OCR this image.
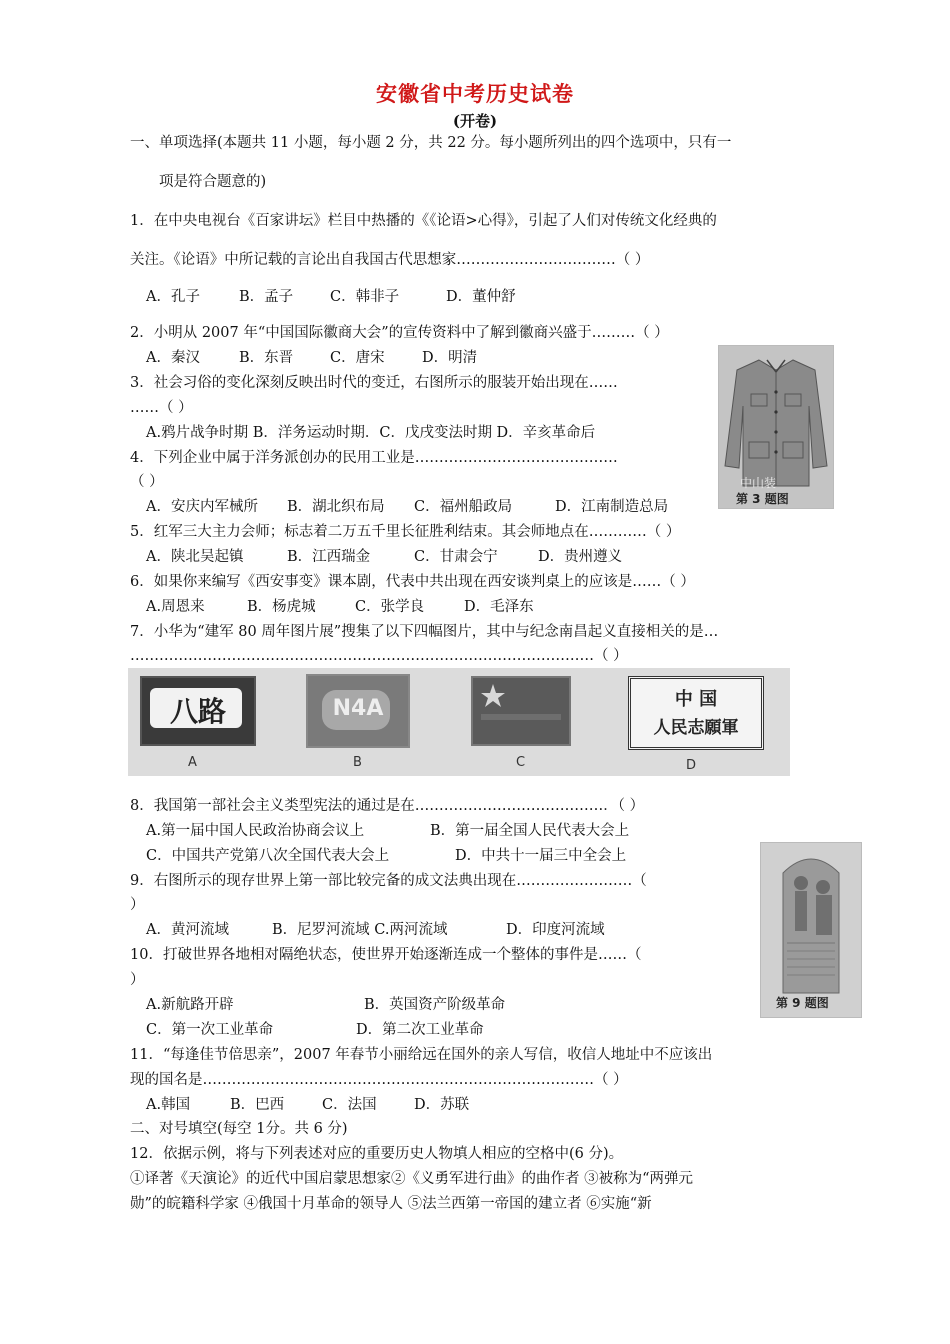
安徽省中考历史试卷
(开卷)
一、单项选择(本题共 11 小题，每小题 2 分，共 22 分。每小题所列出的四个选项中，只有一
项是符合题意的)
1．在中央电视台《百家讲坛》栏目中热播的《《论语>心得》，引起了人们对传统文化经典的
关注。《论语》中所记载的言论出自我国古代思想家……………………………（ ）
A．孔子	B．孟子	C．韩非子	D．董仲舒
2．小明从 2007 年“中国国际徽商大会”的宣传资料中了解到徽商兴盛于………（ ）
A．秦汉	B．东晋	C．唐宋	D．明清
中山装
第 3 题图
3．社会习俗的变化深刻反映出时代的变迁，右图所示的服装开始出现在……
……（ ）
A.鸦片战争时期 B．洋务运动时期．C．戊戌变法时期 D．辛亥革命后
4．下列企业中属于洋务派创办的民用工业是……………………………………
（ ）
A．安庆内军械所 B．湖北织布局 C．福州船政局	D．江南制造总局
5．红军三大主力会师；标志着二万五千里长征胜利结束。其会师地点在…………（ ）
A．陕北吴起镇	B．江西瑞金	C．甘肃会宁	D．贵州遵义
6．如果你来编写《西安事变》课本剧，代表中共出现在西安谈判桌上的应该是……（ ）
A.周恩来	B．杨虎城	C．张学良	D．毛泽东
7．小华为“建军 80 周年图片展”搜集了以下四幅图片，其中与纪念南昌起义直接相关的是…
……………………………………………………………………………………（ ）
八路
A
N4A
B	C
中 国
人民志願軍
D
8．我国第一部社会主义类型宪法的通过是在…………………………………．（ ）
A.第一届中国人民政治协商会议上	B．第一届全国人民代表大会上
C．中国共产党第八次全国代表大会上	D．中共十一届三中全会上
第 9 题图
9．右图所示的现存世界上第一部比较完备的成文法典出现在……………………（
）
A．黄河流域	B．尼罗河流域 C.两河流域	D．印度河流域
10．打破世界各地相对隔绝状态，使世界开始逐渐连成一个整体的事件是……（
）
A.新航路开辟	B．英国资产阶级革命
C．第一次工业革命	D．第二次工业革命
11．“每逢佳节倍思亲”，2007 年春节小丽给远在国外的亲人写信，收信人地址中不应该出
现的国名是………………………………………………………………………（ ）
A.韩国	B．巴西	C．法国	D．苏联
二、对号填空(每空 1分。共 6 分)
12．依据示例，将与下列表述对应的重要历史人物填人相应的空格中(6 分)。
①译著《天演论》的近代中国启蒙思想家②《义勇军进行曲》的曲作者 ③被称为“两弹元
勋”的皖籍科学家 ④俄国十月革命的领导人 ⑤法兰西第一帝国的建立者 ⑥实施“新
